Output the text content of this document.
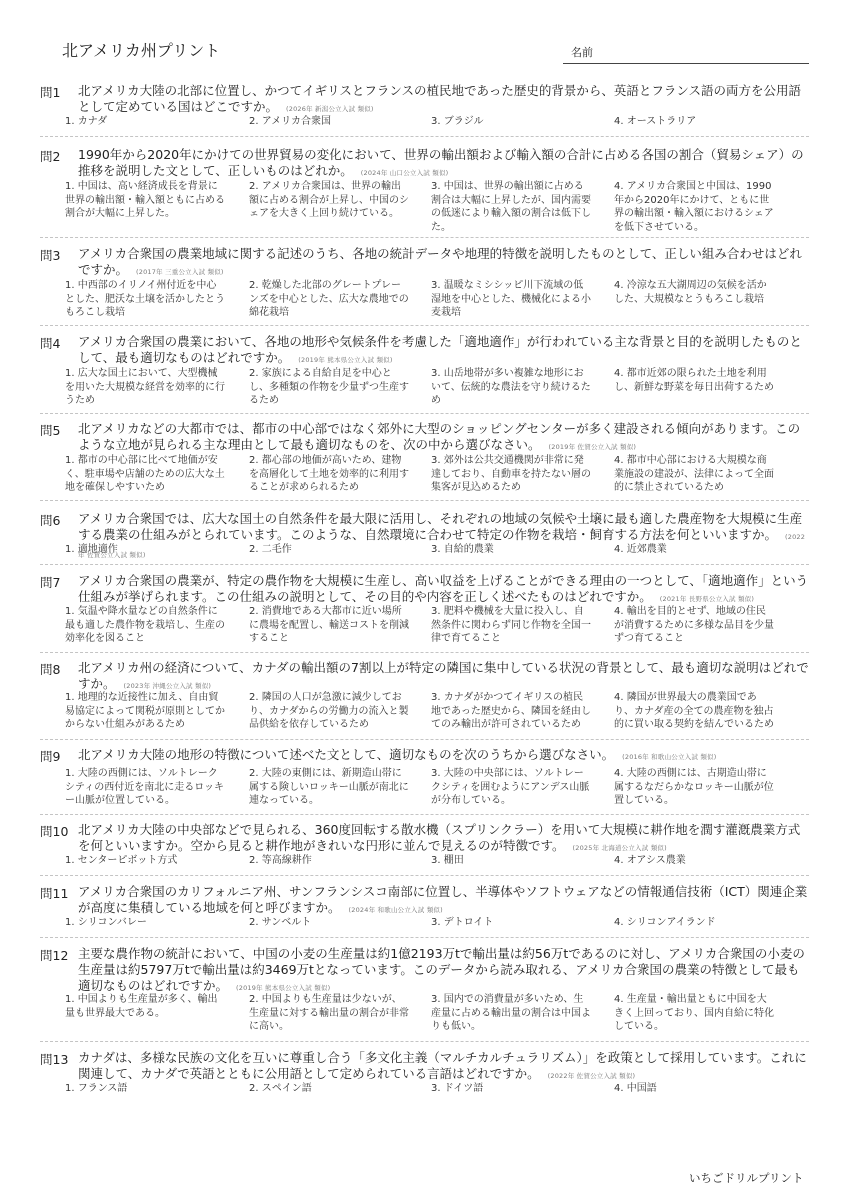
北アメリカ州プリント	名前
問1 北アメリカ大陸の北部に位置し、かつてイギリスとフランスの植民地であった歴史的背景から、英語とフランス語の両方を公用語として定めている国はどこですか。 (2026年 新潟公立入試 類似)
1. カナダ	2. アメリカ合衆国	3. ブラジル	4. オーストラリア
問2 1990年から2020年にかけての世界貿易の変化において、世界の輸出額および輸入額の合計に占める各国の割合（貿易シェア）の推移を説明した文として、正しいものはどれか。 (2024年 山口公立入試 類似)
1. 中国は、高い経済成長を背景に世界の輸出額・輸入額ともに占める割合が大幅に上昇した。
2. アメリカ合衆国は、世界の輸出額に占める割合が上昇し、中国のシェアを大きく上回り続けている。
3. 中国は、世界の輸出額に占める割合は大幅に上昇したが、国内需要の低迷により輸入額の割合は低下した。
4. アメリカ合衆国と中国は、1990年から2020年にかけて、ともに世界の輸出額・輸入額におけるシェアを低下させている。
問3 アメリカ合衆国の農業地域に関する記述のうち、各地の統計データや地理的特徴を説明したものとして、正しい組み合わせはどれですか。 (2017年 三重公立入試 類似)
1. 中西部のイリノイ州付近を中心とした、肥沃な土壌を活かしたとうもろこし栽培
2. 乾燥した北部のグレートプレーンズを中心とした、広大な農地での綿花栽培
3. 温暖なミシシッピ川下流域の低湿地を中心とした、機械化による小麦栽培
4. 冷涼な五大湖周辺の気候を活かした、大規模なとうもろこし栽培
問4 アメリカ合衆国の農業において、各地の地形や気候条件を考慮した「適地適作」が行われている主な背景と目的を説明したものとして、最も適切なものはどれですか。 (2019年 熊本県公立入試 類似)
1. 広大な国土において、大型機械を用いた大規模な経営を効率的に行うため
2. 家族による自給自足を中心とし、多種類の作物を少量ずつ生産するため
3. 山岳地帯が多い複雑な地形において、伝統的な農法を守り続けるため
4. 都市近郊の限られた土地を利用し、新鮮な野菜を毎日出荷するため
問5 北アメリカなどの大都市では、都市の中心部ではなく郊外に大型のショッピングセンターが多く建設される傾向があります。このような立地が見られる主な理由として最も適切なものを、次の中から選びなさい。 (2019年 佐賀公立入試 類似)
1. 都市の中心部に比べて地価が安く、駐車場や店舗のための広大な土地を確保しやすいため
2. 都心部の地価が高いため、建物を高層化して土地を効率的に利用することが求められるため
3. 郊外は公共交通機関が非常に発達しており、自動車を持たない層の集客が見込めるため
4. 都市中心部における大規模な商業施設の建設が、法律によって全面的に禁止されているため
問6 アメリカ合衆国では、広大な国土の自然条件を最大限に活用し、それぞれの地域の気候や土壌に最も適した農産物を大規模に生産する農業の仕組みがとられています。このような、自然環境に合わせて特定の作物を栽培・飼育する方法を何といいますか。 (2022年 佐賀公立入試 類似)
1. 適地適作	2. 二毛作	3. 自給的農業	4. 近郊農業
問7 アメリカ合衆国の農業が、特定の農作物を大規模に生産し、高い収益を上げることができる理由の一つとして、「適地適作」という仕組みが挙げられます。この仕組みの説明として、その目的や内容を正しく述べたものはどれですか。 (2021年 長野県公立入試 類似)
1. 気温や降水量などの自然条件に最も適した農作物を栽培し、生産の効率化を図ること
2. 消費地である大都市に近い場所に農場を配置し、輸送コストを削減すること
3. 肥料や機械を大量に投入し、自然条件に関わらず同じ作物を全国一律で育てること
4. 輸出を目的とせず、地域の住民が消費するために多様な品目を少量ずつ育てること
問8 北アメリカ州の経済について、カナダの輸出額の7割以上が特定の隣国に集中している状況の背景として、最も適切な説明はどれですか。 (2023年 沖縄公立入試 類似)
1. 地理的な近接性に加え、自由貿易協定によって関税が原則としてかからない仕組みがあるため
2. 隣国の人口が急激に減少しており、カナダからの労働力の流入と製品供給を依存しているため
3. カナダがかつてイギリスの植民地であった歴史から、隣国を経由してのみ輸出が許可されているため
4. 隣国が世界最大の農業国であり、カナダ産の全ての農産物を独占的に買い取る契約を結んでいるため
問9 北アメリカ大陸の地形の特徴について述べた文として、適切なものを次のうちから選びなさい。 (2016年 和歌山公立入試 類似)
1. 大陸の西側には、ソルトレークシティの西付近を南北に走るロッキー山脈が位置している。
2. 大陸の東側には、新期造山帯に属する険しいロッキー山脈が南北に連なっている。
3. 大陸の中央部には、ソルトレークシティを囲むようにアンデス山脈が分布している。
4. 大陸の西側には、古期造山帯に属するなだらかなロッキー山脈が位置している。
問10 北アメリカ大陸の中央部などで見られる、360度回転する散水機（スプリンクラー）を用いて大規模に耕作地を潤す灌漑農業方式を何といいますか。空から見ると耕作地がきれいな円形に並んで見えるのが特徴です。 (2025年 北海道公立入試 類似)
1. センターピボット方式	2. 等高線耕作	3. 棚田	4. オアシス農業
問11 アメリカ合衆国のカリフォルニア州、サンフランシスコ南部に位置し、半導体やソフトウェアなどの情報通信技術（ICT）関連企業が高度に集積している地域を何と呼びますか。 (2024年 和歌山公立入試 類似)
1. シリコンバレー	2. サンベルト	3. デトロイト	4. シリコンアイランド
問12 主要な農作物の統計において、中国の小麦の生産量は約1億2193万tで輸出量は約56万tであるのに対し、アメリカ合衆国の小麦の生産量は約5797万tで輸出量は約3469万tとなっています。このデータから読み取れる、アメリカ合衆国の農業の特徴として最も適切なものはどれですか。 (2019年 熊本県公立入試 類似)
1. 中国よりも生産量が多く、輸出量も世界最大である。
2. 中国よりも生産量は少ないが、生産量に対する輸出量の割合が非常に高い。
3. 国内での消費量が多いため、生産量に占める輸出量の割合は中国よりも低い。
4. 生産量・輸出量ともに中国を大きく上回っており、国内自給に特化している。
問13 カナダは、多様な民族の文化を互いに尊重し合う「多文化主義（マルチカルチュラリズム）」を政策として採用しています。これに関連して、カナダで英語とともに公用語として定められている言語はどれですか。 (2022年 佐賀公立入試 類似)
1. フランス語	2. スペイン語	3. ドイツ語	4. 中国語
いちごドリルプリント
